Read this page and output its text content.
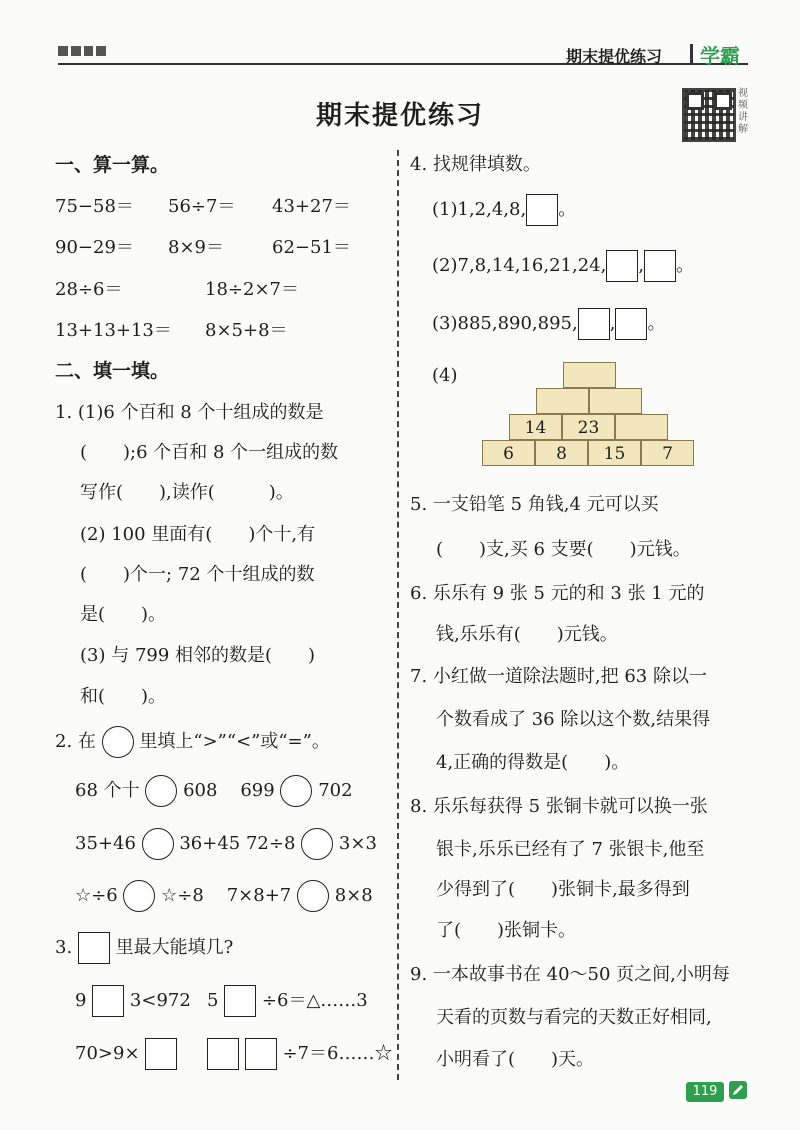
期末提优练习	学霸
期末提优练习
视频讲解
一、算一算。
75−58＝ 56÷7＝ 43+27＝
90−29＝ 8×9＝	62−51＝
28÷6＝	18÷2×7＝
13+13+13＝ 8×5+8＝
二、填一填。
1. (1)6 个百和 8 个十组成的数是
(　　);6 个百和 8 个一组成的数
写作(　　),读作(　　　)。
(2) 100 里面有(　　)个十,有
(　　)个一; 72 个十组成的数
是(　　)。
(3) 与 799 相邻的数是(　　)
和(　　)。
2. 在 里填上“>”“<”或“=”。
68 个十 608 699 702
35+46 36+45 72÷8 3×3
☆÷6 ☆÷8 7×8+7 8×8
3. 里最大能填几?
9 3<972 5 ÷6＝△……3
70>9×	÷7＝6……☆
4. 找规律填数。
(1)1,2,4,8, 。
(2)7,8,14,16,21,24, , 。
(3)885,890,895, , 。
(4)
14	23
6	8	15	7
5. 一支铅笔 5 角钱,4 元可以买
(　　)支,买 6 支要(　　)元钱。
6. 乐乐有 9 张 5 元的和 3 张 1 元的
钱,乐乐有(　　)元钱。
7. 小红做一道除法题时,把 63 除以一
个数看成了 36 除以这个数,结果得
4,正确的得数是(　　)。
8. 乐乐每获得 5 张铜卡就可以换一张
银卡,乐乐已经有了 7 张银卡,他至
少得到了(　　)张铜卡,最多得到
了(　　)张铜卡。
9. 一本故事书在 40～50 页之间,小明每
天看的页数与看完的天数正好相同,
小明看了(　　)天。
119
